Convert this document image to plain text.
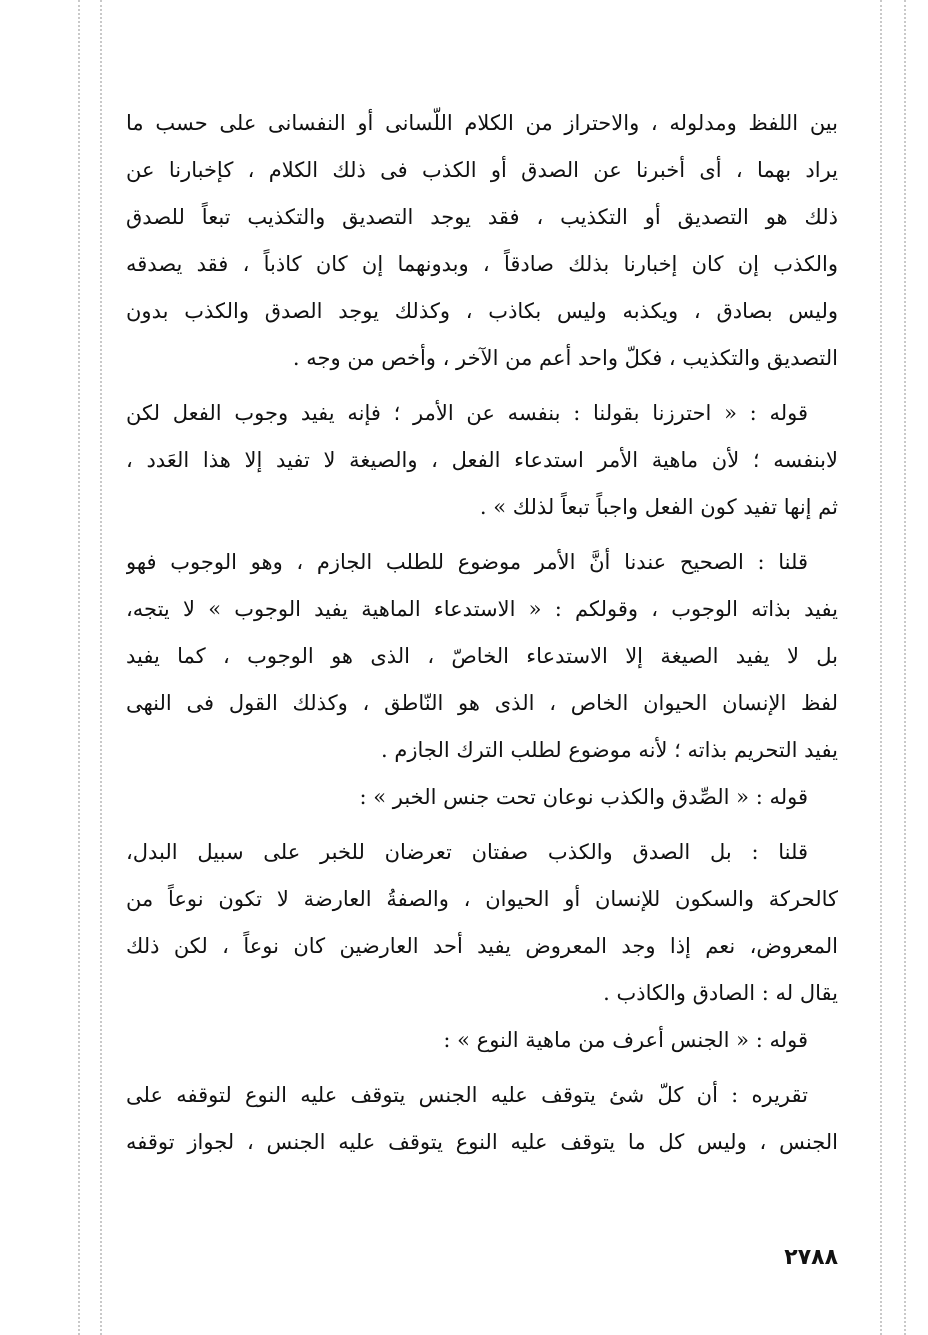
بين اللفظ ومدلوله ، والاحتراز من الكلام اللّسانى أو النفسانى على حسب ما
يراد بهما ، أى أخبرنا عن الصدق أو الكذب فى ذلك الكلام ، كإخبارنا عن
ذلك هو التصديق أو التكذيب ، فقد يوجد التصديق والتكذيب تبعاً للصدق
والكذب إن كان إخبارنا بذلك صادقاً ، وبدونهما إن كان كاذباً ، فقد يصدقه
وليس بصادق ، ويكذبه وليس بكاذب ، وكذلك يوجد الصدق والكذب بدون
التصديق والتكذيب ، فكلّ واحد أعم من الآخر ، وأخص من وجه .
قوله : « احترزنا بقولنا : بنفسه عن الأمر ؛ فإنه يفيد وجوب الفعل لكن
لابنفسه ؛ لأن ماهية الأمر استدعاء الفعل ، والصيغة لا تفيد إلا هذا العَدد ،
ثم إنها تفيد كون الفعل واجباً تبعاً لذلك » .
قلنا : الصحيح عندنا أنَّ الأمر موضوع للطلب الجازم ، وهو الوجوب فهو
يفيد بذاته الوجوب ، وقولكم : « الاستدعاء الماهية يفيد الوجوب » لا يتجه،
بل لا يفيد الصيغة إلا الاستدعاء الخاصّ ، الذى هو الوجوب ، كما يفيد
لفظ الإنسان الحيوان الخاص ، الذى هو النّاطق ، وكذلك القول فى النهى
يفيد التحريم بذاته ؛ لأنه موضوع لطلب الترك الجازم .
قوله : « الصِّدق والكذب نوعان تحت جنس الخبر » :
قلنا : بل الصدق والكذب صفتان تعرضان للخبر على سبيل البدل،
كالحركة والسكون للإنسان أو الحيوان ، والصفةُ العارضة لا تكون نوعاً من
المعروض، نعم إذا وجد المعروض يفيد أحد العارضين كان نوعاً ، لكن ذلك
يقال له : الصادق والكاذب .
قوله : « الجنس أعرف من ماهية النوع » :
تقريره : أن كلّ شئ يتوقف عليه الجنس يتوقف عليه النوع لتوقفه على
الجنس ، وليس كل ما يتوقف عليه النوع يتوقف عليه الجنس ، لجواز توقفه
٢٧٨٨
